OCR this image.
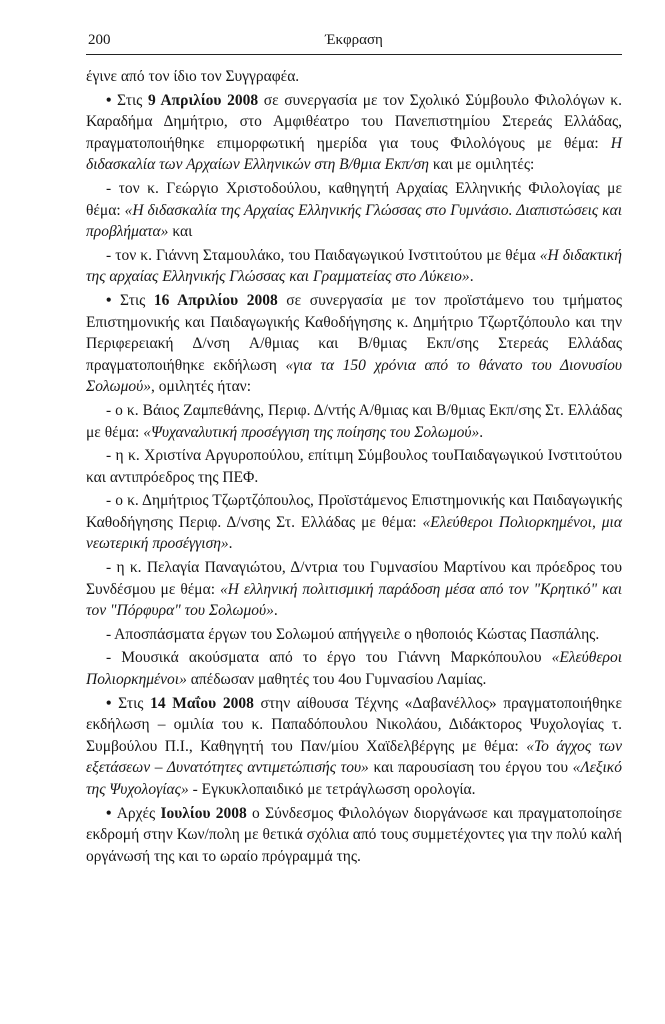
200	Έκφραση

έγινε από τον ίδιο τον Συγγραφέα.

• Στις 9 Απριλίου 2008 σε συνεργασία με τον Σχολικό Σύμβουλο Φιλολόγων κ. Καραδήμα Δημήτριο, στο Αμφιθέατρο του Πανεπιστημίου Στερεάς Ελλάδας, πραγματοποιήθηκε επιμορφωτική ημερίδα για τους Φιλολόγους με θέμα: Η διδασκαλία των Αρχαίων Ελληνικών στη Β/θμια Εκπ/ση και με ομιλητές:

- τον κ. Γεώργιο Χριστοδούλου, καθηγητή Αρχαίας Ελληνικής Φιλολογίας με θέμα: «Η διδασκαλία της Αρχαίας Ελληνικής Γλώσσας στο Γυμνάσιο. Διαπιστώσεις και προβλήματα» και

- τον κ. Γιάννη Σταμουλάκο, του Παιδαγωγικού Ινστιτούτου με θέμα «Η διδακτική της αρχαίας Ελληνικής Γλώσσας και Γραμματείας στο Λύκειο».

• Στις 16 Απριλίου 2008 σε συνεργασία με τον προϊστάμενο του τμήματος Επιστημονικής και Παιδαγωγικής Καθοδήγησης κ. Δημήτριο Τζωρτζόπουλο και την Περιφερειακή Δ/νση Α/θμιας και Β/θμιας Εκπ/σης Στερεάς Ελλάδας πραγματοποιήθηκε εκδήλωση «για τα 150 χρόνια από το θάνατο του Διονυσίου Σολωμού», ομιλητές ήταν:

- ο κ. Βάιος Ζαμπεθάνης, Περιφ. Δ/ντής Α/θμιας και Β/θμιας Εκπ/σης Στ. Ελλάδας με θέμα: «Ψυχαναλυτική προσέγγιση της ποίησης του Σολωμού».

- η κ. Χριστίνα Αργυροπούλου, επίτιμη Σύμβουλος τουΠαιδαγωγικού Ινστιτούτου και αντιπρόεδρος της ΠΕΦ.

- ο κ. Δημήτριος Τζωρτζόπουλος, Προϊστάμενος Επιστημονικής και Παιδαγωγικής Καθοδήγησης Περιφ. Δ/νσης Στ. Ελλάδας με θέμα: «Ελεύθεροι Πολιορκημένοι, μια νεωτερική προσέγγιση».

- η κ. Πελαγία Παναγιώτου, Δ/ντρια του Γυμνασίου Μαρτίνου και πρόεδρος του Συνδέσμου με θέμα: «Η ελληνική πολιτισμική παράδοση μέσα από τον "Κρητικό" και τον "Πόρφυρα" του Σολωμού».

- Αποσπάσματα έργων του Σολωμού απήγγειλε ο ηθοποιός Κώστας Πασπάλης.

- Μουσικά ακούσματα από το έργο του Γιάννη Μαρκόπουλου «Ελεύθεροι Πολιορκημένοι» απέδωσαν μαθητές του 4ου Γυμνασίου Λαμίας.

• Στις 14 Μαΐου 2008 στην αίθουσα Τέχνης «Δαβανέλλος» πραγματοποιήθηκε εκδήλωση – ομιλία του κ. Παπαδόπουλου Νικολάου, Διδάκτορος Ψυχολογίας τ. Συμβούλου Π.Ι., Καθηγητή του Παν/μίου Χαϊδελβέργης με θέμα: «Το άγχος των εξετάσεων – Δυνατότητες αντιμετώπισής του» και παρουσίαση του έργου του «Λεξικό της Ψυχολογίας» - Εγκυκλοπαιδικό με τετράγλωσση ορολογία.

• Αρχές Ιουλίου 2008 ο Σύνδεσμος Φιλολόγων διοργάνωσε και πραγματοποίησε εκδρομή στην Κων/πολη με θετικά σχόλια από τους συμμετέχοντες για την πολύ καλή οργάνωσή της και το ωραίο πρόγραμμά της.
